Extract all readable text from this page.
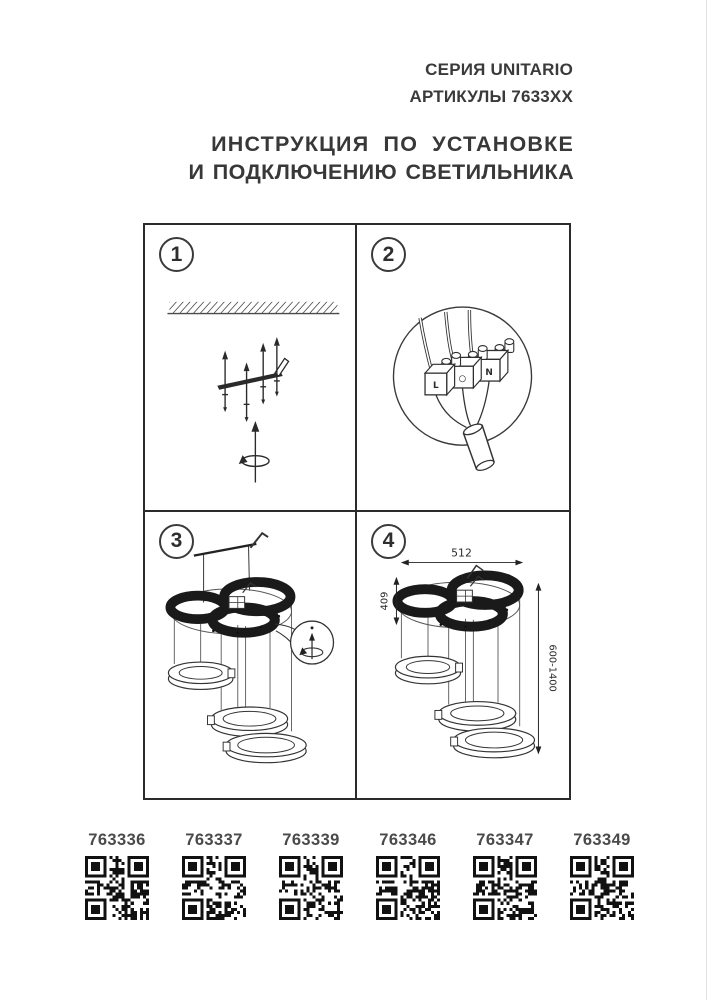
СЕРИЯ UNITARIO
АРТИКУЛЫ 7633XX
ИНСТРУКЦИЯ ПО УСТАНОВКЕ
И ПОДКЛЮЧЕНИЮ СВЕТИЛЬНИКА
1
N
○
L
2
3
512
409
600-1400
4
763336 763337 763339 763346 763347 763349
